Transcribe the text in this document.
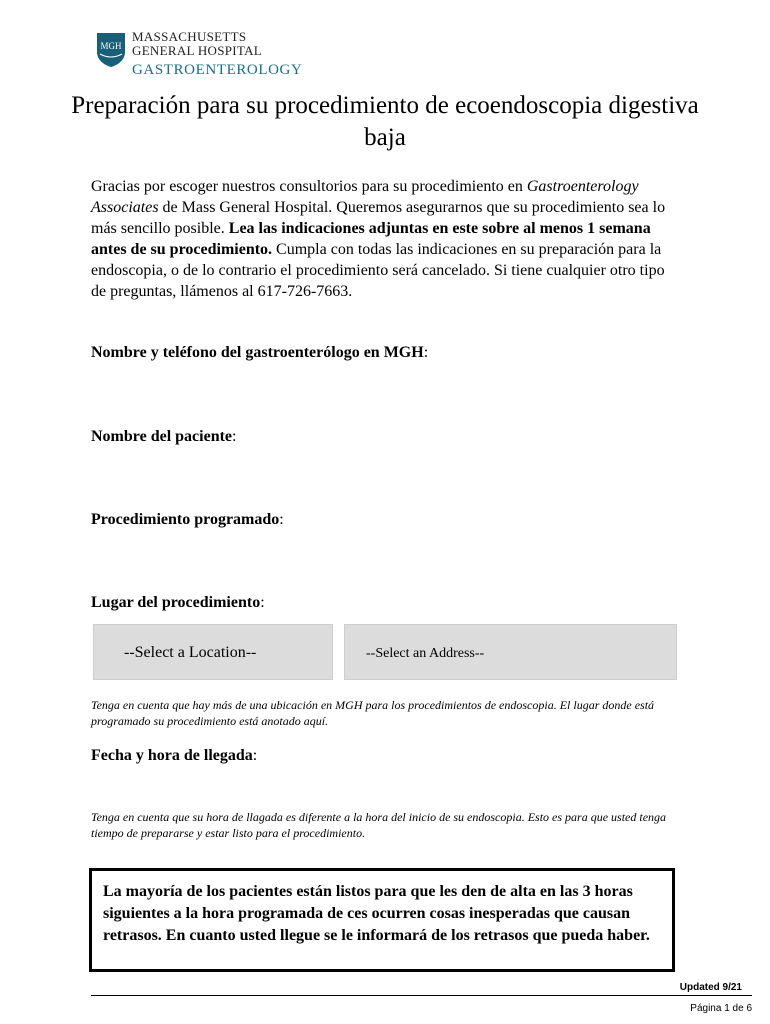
MGH
MASSACHUSETTS
GENERAL HOSPITAL
GASTROENTEROLOGY
Preparación para su procedimiento de ecoendoscopia digestiva baja
Gracias por escoger nuestros consultorios para su procedimiento en Gastroenterology Associates de Mass General Hospital. Queremos asegurarnos que su procedimiento sea lo más sencillo posible. Lea las indicaciones adjuntas en este sobre al menos 1 semana antes de su procedimiento. Cumpla con todas las indicaciones en su preparación para la endoscopia, o de lo contrario el procedimiento será cancelado. Si tiene cualquier otro tipo de preguntas, llámenos al 617-726-7663.
Nombre y teléfono del gastroenterólogo en MGH:
Nombre del paciente:
Procedimiento programado:
Lugar del procedimiento:
--Select a Location--	--Select an Address--
Tenga en cuenta que hay más de una ubicación en MGH para los procedimientos de endoscopia. El lugar donde está programado su procedimiento está anotado aquí.
Fecha y hora de llegada:
Tenga en cuenta que su hora de llagada es diferente a la hora del inicio de su endoscopia. Esto es para que usted tenga tiempo de prepararse y estar listo para el procedimiento.
La mayoría de los pacientes están listos para que les den de alta en las 3 horas siguientes a la hora programada de ces ocurren cosas inesperadas que causan retrasos. En cuanto usted llegue se le informará de los retrasos que pueda haber.
Updated 9/21
Página 1 de 6
